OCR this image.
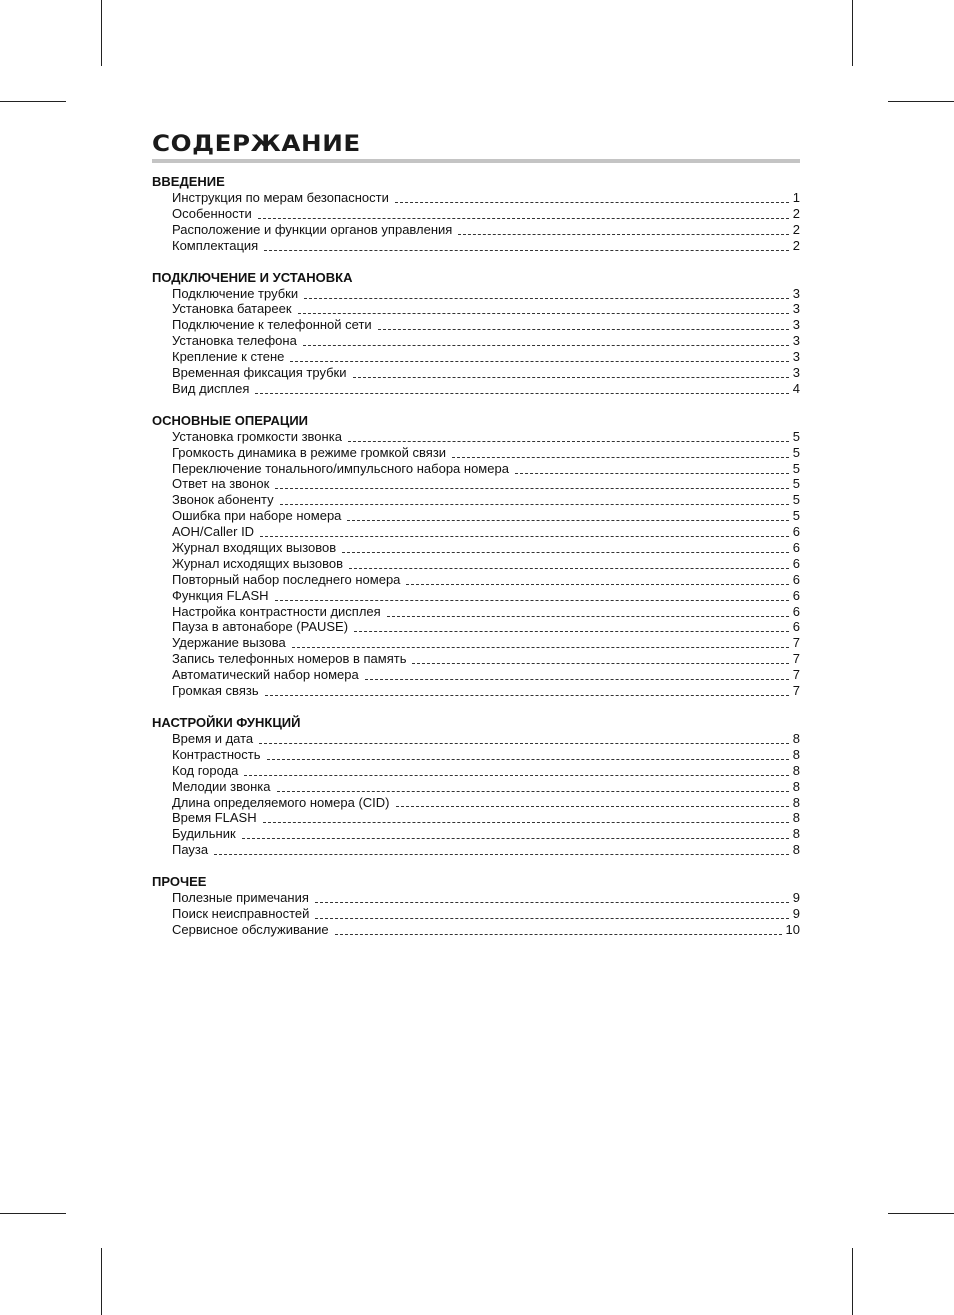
СОДЕРЖАНИЕ
ВВЕДЕНИЕ
Инструкция по мерам безопасности	1
Особенности	2
Расположение и функции органов управления	2
Комплектация	2
ПОДКЛЮЧЕНИЕ И УСТАНОВКА
Подключение трубки	3
Установка батареек	3
Подключение к телефонной сети	3
Установка телефона	3
Крепление к стене	3
Временная фиксация трубки	3
Вид дисплея	4
ОСНОВНЫЕ ОПЕРАЦИИ
Установка громкости звонка	5
Громкость динамика в режиме громкой связи	5
Переключение тонального/импульсного набора номера	5
Ответ на звонок	5
Звонок абоненту	5
Ошибка при наборе номера	5
АОН/Caller ID	6
Журнал входящих вызовов	6
Журнал исходящих вызовов	6
Повторный набор последнего номера	6
Функция FLASH	6
Настройка контрастности дисплея	6
Пауза в автонаборе (PAUSE)	6
Удержание вызова	7
Запись телефонных номеров в память	7
Автоматический набор номера	7
Громкая связь	7
НАСТРОЙКИ ФУНКЦИЙ
Время и дата	8
Контрастность	8
Код города	8
Мелодии звонка	8
Длина определяемого номера (CID)	8
Время FLASH	8
Будильник	8
Пауза	8
ПРОЧЕЕ
Полезные примечания	9
Поиск неисправностей	9
Сервисное обслуживание	10
